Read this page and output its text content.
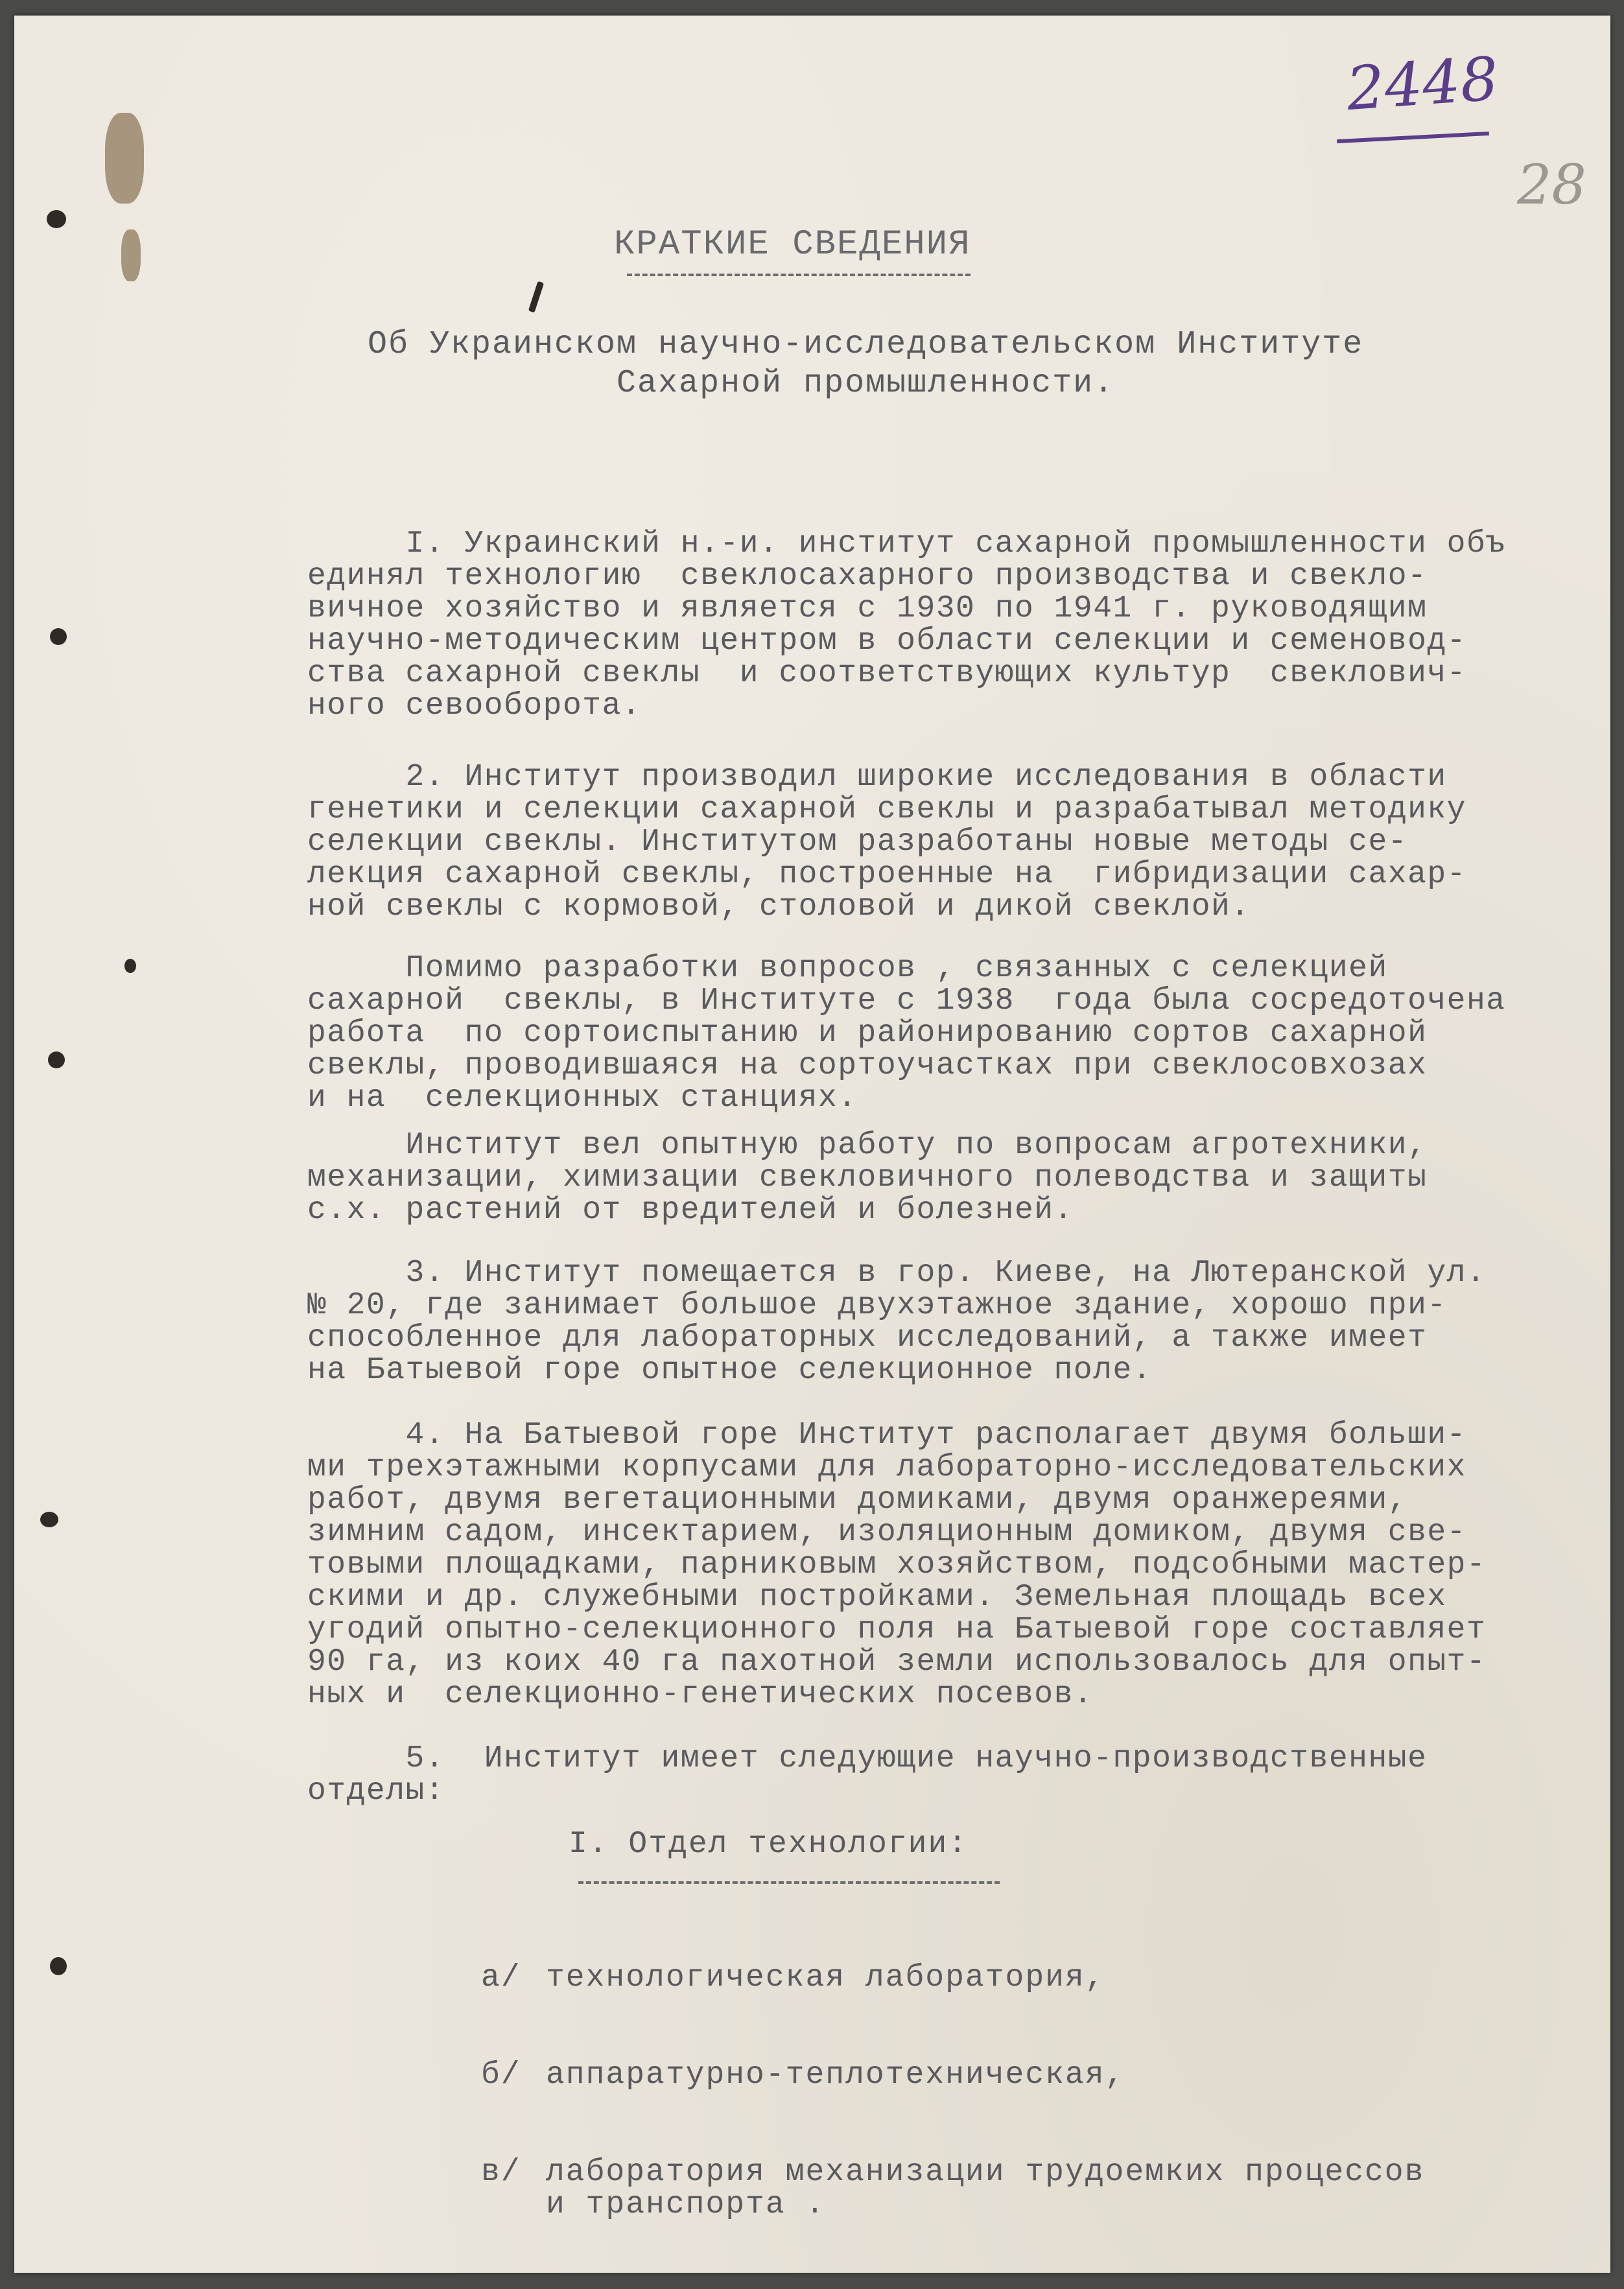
2448

28

КРАТКИЕ СВЕДЕНИЯ

Об Украинском научно-исследовательском Институте
Сахарной промышленности.

I. Украинский н.-и. институт сахарной промышленности объ
единял технологию  свеклосахарного производства и свекло-
вичное хозяйство и является с 1930 по 1941 г. руководящим
научно-методическим центром в области селекции и семеновод-
ства сахарной свеклы  и соответствующих культур  свеклович-
ного севооборота.

2. Институт производил широкие исследования в области
генетики и селекции сахарной свеклы и разрабатывал методику
селекции свеклы. Институтом разработаны новые методы се-
лекция сахарной свеклы, построенные на  гибридизации сахар-
ной свеклы с кормовой, столовой и дикой свеклой.

Помимо разработки вопросов , связанных с селекцией
сахарной  свеклы, в Институте с 1938  года была сосредоточена
работа  по сортоиспытанию и районированию сортов сахарной
свеклы, проводившаяся на сортоучастках при свеклосовхозах
и на  селекционных станциях.

Институт вел опытную работу по вопросам агротехники,
механизации, химизации свекловичного полеводства и защиты
с.х. растений от вредителей и болезней.

3. Институт помещается в гор. Киеве, на Лютеранской ул.
№ 20, где занимает большое двухэтажное здание, хорошо при-
способленное для лабораторных исследований, а также имеет
на Батыевой горе опытное селекционное поле.

4. На Батыевой горе Институт располагает двумя больши-
ми трехэтажными корпусами для лабораторно-исследовательских
работ, двумя вегетационными домиками, двумя оранжереями,
зимним садом, инсектарием, изоляционным домиком, двумя све-
товыми площадками, парниковым хозяйством, подсобными мастер-
скими и др. служебными постройками. Земельная площадь всех
угодий опытно-селекционного поля на Батыевой горе составляет
90 га, из коих 40 га пахотной земли использовалось для опыт-
ных и  селекционно-генетических посевов.

5.  Институт имеет следующие научно-производственные
отделы:

I. Отдел технологии:

а/ технологическая лаборатория,

б/ аппаратурно-теплотехническая,

в/ лаборатория механизации трудоемких процессов
и транспорта .
